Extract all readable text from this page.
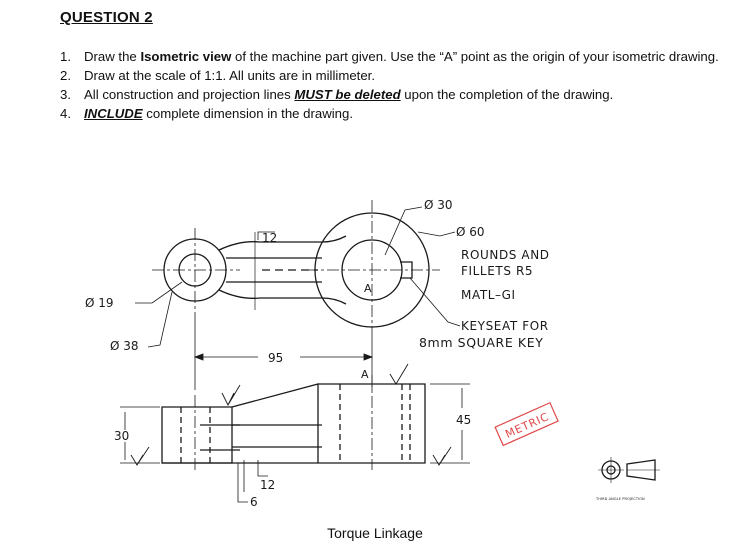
QUESTION 2
1. Draw the Isometric view of the machine part given. Use the “A” point as the origin of your isometric drawing.
2. Draw at the scale of 1:1. All units are in millimeter.
3. All construction and projection lines MUST be deleted upon the completion of the drawing.
4. INCLUDE complete dimension in the drawing.
Ø 30
Ø 60
Ø 19
Ø 38
12
95
30
45
12
6
A
A
ROUNDS AND
FILLETS R5
MATL–GI
KEYSEAT FOR
8mm SQUARE KEY
METRIC
THIRD ANGLE PROJECTION
Torque Linkage
